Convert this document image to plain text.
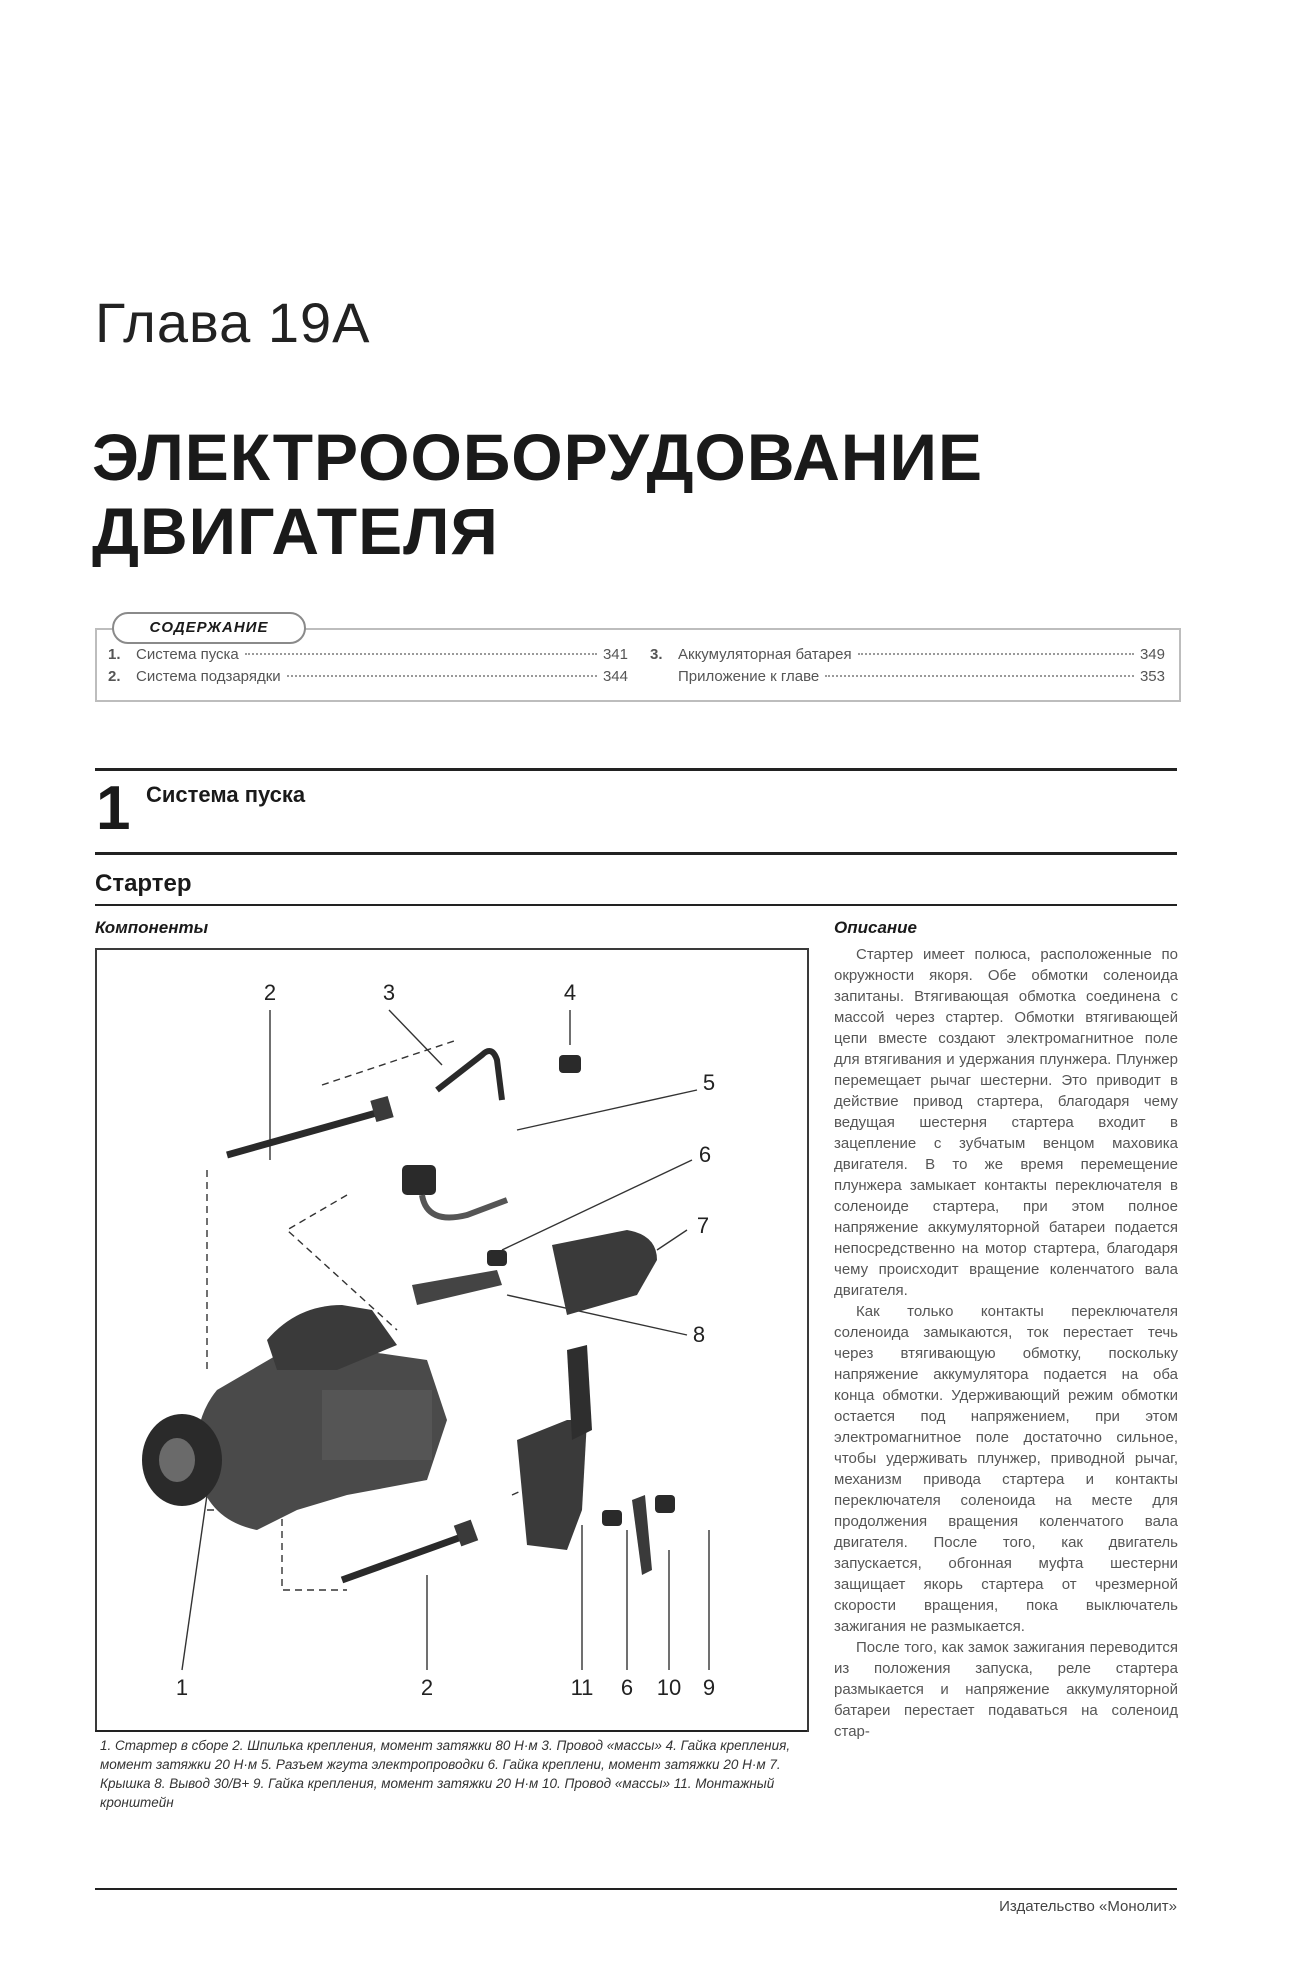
Глава 19А
ЭЛЕКТРООБОРУДОВАНИЕ
ДВИГАТЕЛЯ
СОДЕРЖАНИЕ
1.	Система пуска	341
2.	Система подзарядки	344
3.	Аккумуляторная батарея	349
Приложение к главе	353
1 Система пуска
Стартер
Компоненты	Описание
2	3	4
5
6
7
8
1	2	11 6 10 9
1. Стартер в сборе 2. Шпилька крепления, момент затяжки 80 Н·м 3. Провод «массы» 4. Гайка крепления, момент затяжки 20 Н·м 5. Разъем жгута электропроводки 6. Гайка креплени, момент затяжки 20 Н·м 7. Крышка 8. Вывод 30/В+ 9. Гайка крепления, момент затяжки 20 Н·м 10. Провод «массы» 11. Монтажный кронштейн

Стартер имеет полюса, расположенные по окружности якоря. Обе обмотки соленоида запитаны. Втягивающая обмотка соединена с массой через стартер. Обмотки втягивающей цепи вместе создают электромагнитное поле для втягивания и удержания плунжера. Плунжер перемещает рычаг шестерни. Это приводит в действие привод стартера, благодаря чему ведущая шестерня стартера входит в зацепление с зубчатым венцом маховика двигателя. В то же время перемещение плунжера замыкает контакты переключателя в соленоиде стартера, при этом полное напряжение аккумуляторной батареи подается непосредственно на мотор стартера, благодаря чему происходит вращение коленчатого вала двигателя.

Как только контакты переключателя соленоида замыкаются, ток перестает течь через втягивающую обмотку, поскольку напряжение аккумулятора подается на оба конца обмотки. Удерживающий режим обмотки остается под напряжением, при этом электромагнитное поле достаточно сильное, чтобы удерживать плунжер, приводной рычаг, механизм привода стартера и контакты переключателя соленоида на месте для продолжения вращения коленчатого вала двигателя. После того, как двигатель запускается, обгонная муфта шестерни защищает якорь стартера от чрезмерной скорости вращения, пока выключатель зажигания не размыкается.

После того, как замок зажигания переводится из положения запуска, реле стартера размыкается и напряжение аккумуляторной батареи перестает подаваться на соленоид стар-

Издательство «Монолит»
